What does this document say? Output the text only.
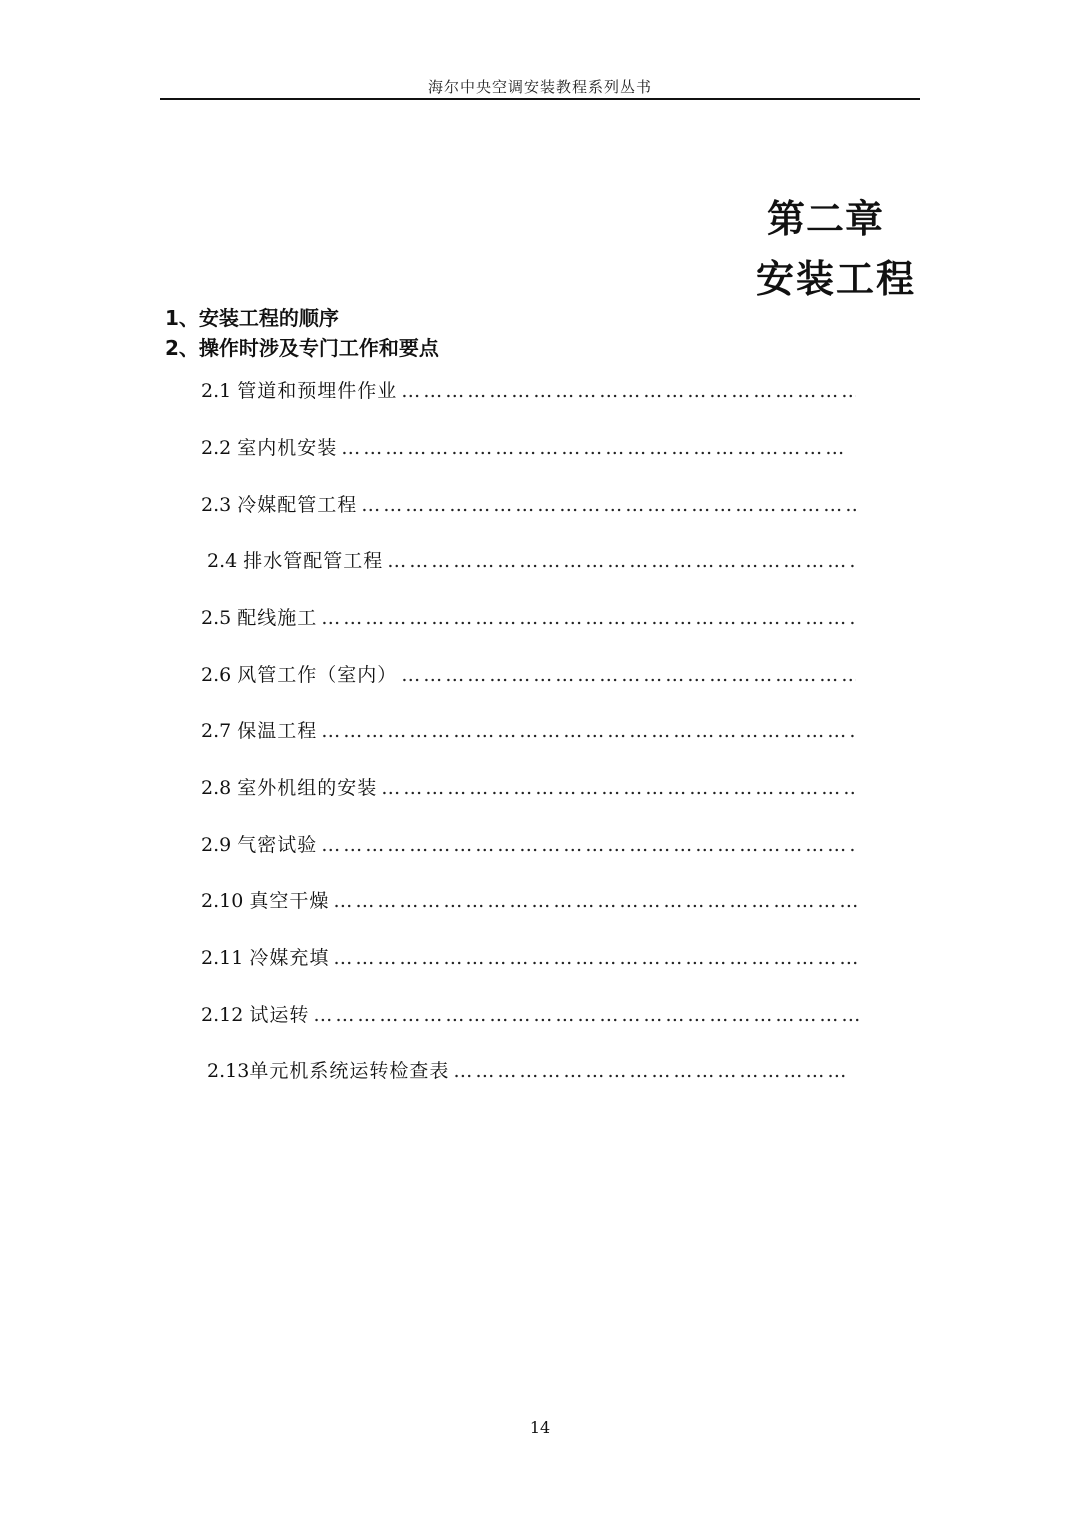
海尔中央空调安装教程系列丛书
第二章
安装工程
1、安装工程的顺序
2、操作时涉及专门工作和要点
2.1 管道和预埋件作业
………………………………………………………………………………………………
2.2 室内机安装
………………………………………………………………………………………………
2.3 冷媒配管工程
………………………………………………………………………………………………
2.4 排水管配管工程
………………………………………………………………………………………………
2.5 配线施工
………………………………………………………………………………………………
2.6 风管工作（室内）
………………………………………………………………………………………………
2.7 保温工程
………………………………………………………………………………………………
2.8 室外机组的安装
………………………………………………………………………………………………
2.9 气密试验
………………………………………………………………………………………………
2.10 真空干燥
………………………………………………………………………………………………
2.11 冷媒充填
………………………………………………………………………………………………
2.12 试运转
………………………………………………………………………………………………
2.13 单元机系统运转检查表
………………………………………………………………………………………………
14
